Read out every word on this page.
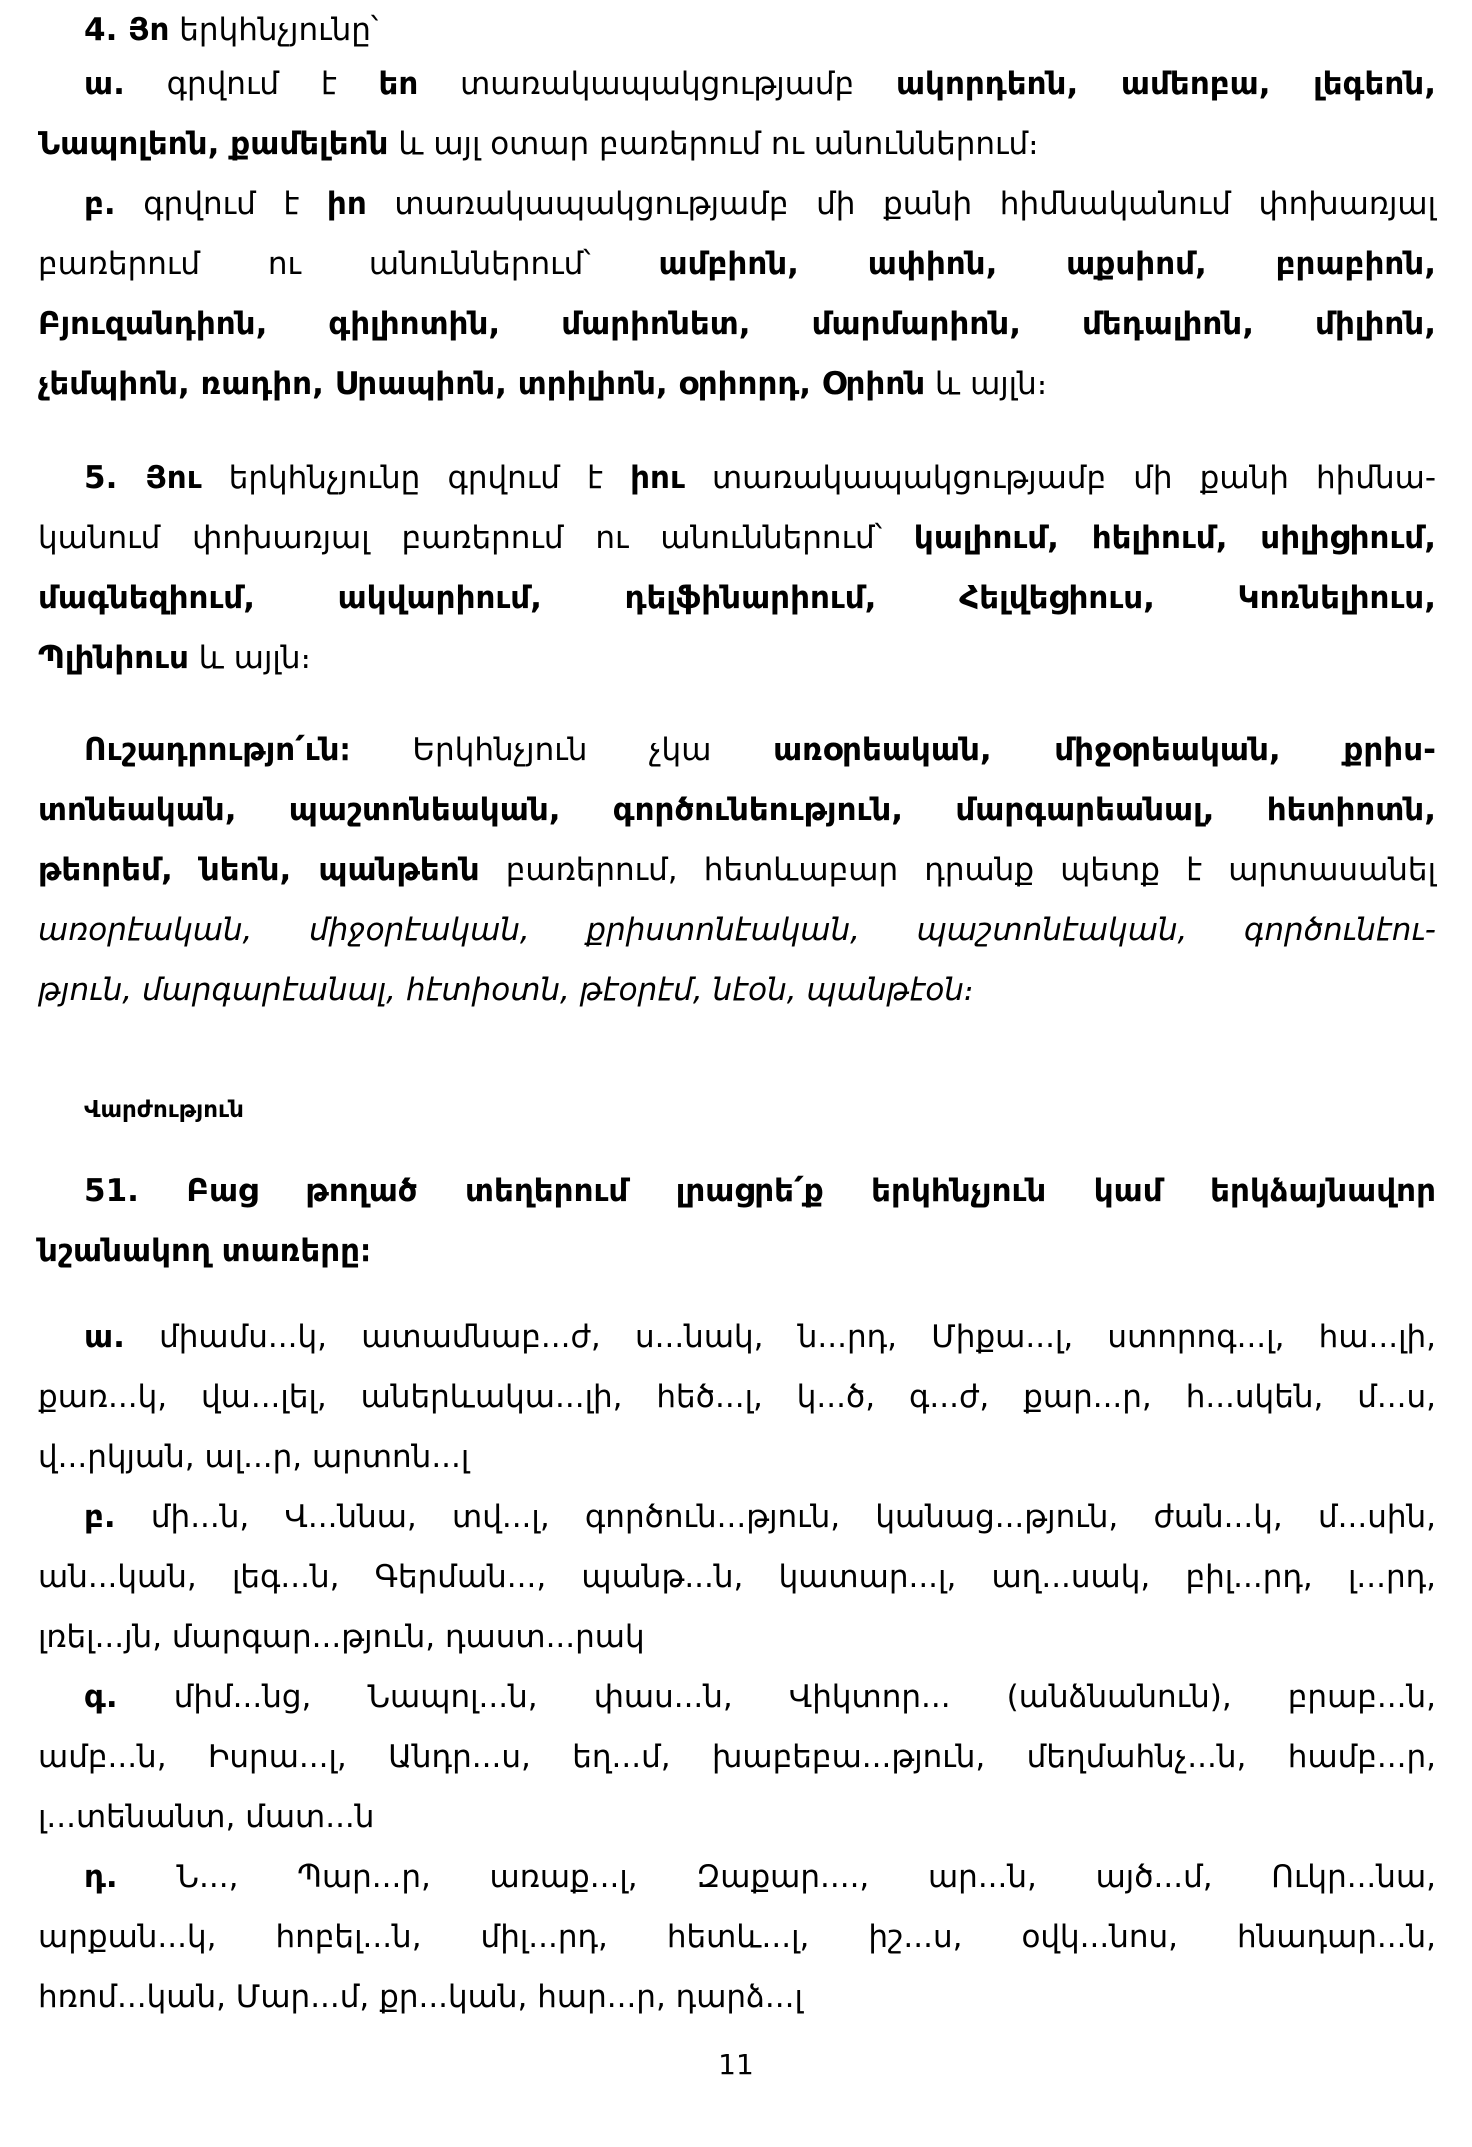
4. Յո երկհնչյունը՝
ա. գրվում է եո տառակապակցությամբ ակորդեոն, ամեոբա, լեգեոն,
Նապոլեոն, քամելեոն և այլ օտար բառերում ու անուններում։
բ. գրվում է իո տառակապակցությամբ մի քանի հիմնականում փոխառյալ
բառերում ու անուններում՝ ամբիոն, ափիոն, աքսիոմ, բրաբիոն,
Բյուզանդիոն, գիլիոտին, մարիոնետ, մարմարիոն, մեդալիոն, միլիոն,
չեմպիոն, ռադիո, Սրապիոն, տրիլիոն, օրիորդ, Օրիոն և այլն։
5. Յու երկհնչյունը գրվում է իու տառակապակցությամբ մի քանի հիմնա-
կանում փոխառյալ բառերում ու անուններում՝ կալիում, հելիում, սիլիցիում,
մագնեզիում, ակվարիում, դելֆինարիում, Հելվեցիուս, Կոռնելիուս,
Պլինիուս և այլն։
Ուշադրությո՛ւն։ Երկհնչյուն չկա առօրեական, միջօրեական, քրիս-
տոնեական, պաշտոնեական, գործունեություն, մարգարեանալ, հետիոտն,
թեորեմ, նեոն, պանթեոն բառերում, հետևաբար դրանք պետք է արտասանել
առօրէական, միջօրէական, քրիստոնէական, պաշտոնէական, գործունէու-
թյուն, մարգարէանալ, հէտիօտն, թէօրէմ, նէօն, պանթէօն։
Վարժություն
51. Բաց թողած տեղերում լրացրե՛ք երկհնչյուն կամ երկձայնավոր
նշանակող տառերը։
ա. միամս...կ, ատամնաբ...ժ, ս...նակ, ն...րդ, Միքա...լ, ստորոգ...լ, հա...լի,
քառ...կ, վա...լել, աներևակա...լի, հեծ...լ, կ...ծ, գ...ժ, քար...ր, հ...սկեն, մ...ս,
վ...րկյան, ալ...ր, արտոն...լ
բ. մի...ն, Վ...ննա, տվ...լ, գործուն...թյուն, կանաց...թյուն, ժան...կ, մ...սին,
ան...կան, լեգ...ն, Գերման..., պանթ...ն, կատար...լ, աղ...սակ, բիլ...րդ, լ...րդ,
լռել...յն, մարգար...թյուն, դաստ...րակ
գ. միմ...նց, Նապոլ...ն, փաս...ն, Վիկտոր... (անձնանուն), բրաբ...ն,
ամբ...ն, Իսրա...լ, Անդր...ս, եղ...մ, խաբեբա...թյուն, մեղմահնչ...ն, համբ...ր,
լ...տենանտ, մատ...ն
դ. Ն..., Պար...ր, առաք...լ, Զաքար...., ար...ն, այծ...մ, Ուկր...նա,
արքան...կ, հոբել...ն, միլ...րդ, հետև...լ, իշ...ս, օվկ...նոս, հնադար...ն,
հռոմ...կան, Մար...մ, քր...կան, հար...ր, դարձ...լ
11
